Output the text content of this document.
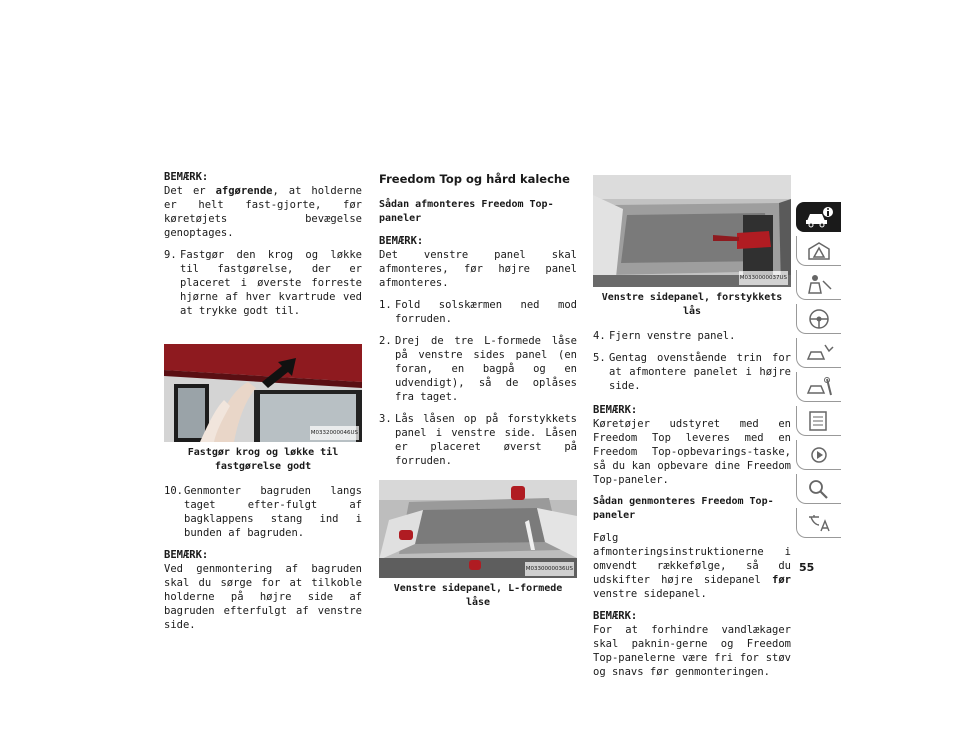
BEMÆRK:
Det er afgørende, at holderne er helt fast-gjorte, før køretøjets bevægelse genoptages.

9. Fastgør den krog og løkke til fastgørelse, der er placeret i øverste forreste hjørne af hver kvartrude ved at trykke godt til.
M0332000046US
Fastgør krog og løkke til fastgørelse godt
10. Genmonter bagruden langs taget efter-fulgt af bagklappens stang ind i bunden af bagruden.

BEMÆRK:
Ved genmontering af bagruden skal du sørge for at tilkoble holderne på højre side af bagruden efterfulgt af venstre side.

Freedom Top og hård kaleche
Sådan afmonteres Freedom Top-paneler

BEMÆRK:
Det venstre panel skal afmonteres, før højre panel afmonteres.

1. Fold solskærmen ned mod forruden.
2. Drej de tre L-formede låse på venstre sides panel (en foran, en bagpå og en udvendigt), så de oplåses fra taget.
3. Lås låsen op på forstykkets panel i venstre side. Låsen er placeret øverst på forruden.
M0330000036US
Venstre sidepanel, L-formede låse
M0330000037US
Venstre sidepanel, forstykkets lås
4. Fjern venstre panel.
5. Gentag ovenstående trin for at afmontere panelet i højre side.

BEMÆRK:
Køretøjer udstyret med en Freedom Top leveres med en Freedom Top-opbevarings-taske, så du kan opbevare dine Freedom Top-paneler.

Sådan genmonteres Freedom Top-paneler

Følg afmonteringsinstruktionerne i omvendt rækkefølge, så du udskifter højre sidepanel før venstre sidepanel.

BEMÆRK:
For at forhindre vandlækager skal paknin-gerne og Freedom Top-panelerne være fri for støv og snavs før genmonteringen.

55
